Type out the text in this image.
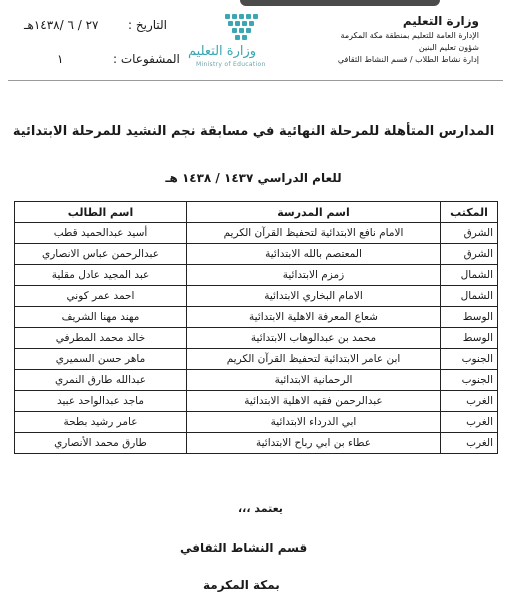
وزارة التعليم
الإدارة العامة للتعليم بمنطقة مكة المكرمة
شؤون تعليم البنين
إدارة نشاط الطلاب / قسم النشاط الثقافي
وزارة التعليم
Ministry of Education
التاريخ :
٢٧ / ٦ /١٤٣٨هـ
المشفوعات :
١
المدارس المتأهلة للمرحلة النهائية في مسابقة نجم النشيد للمرحلة الابتدائية
للعام الدراسي ١٤٣٧ / ١٤٣٨ هـ
المكتب	اسم المدرسة	اسم الطالب
الشرق	الامام نافع الابتدائية لتحفيظ القرآن الكريم	أسيد عبدالحميد قطب
الشرق	المعتصم بالله الابتدائية	عبدالرحمن عباس الانصاري
الشمال	زمزم الابتدائية	عبد المجيد عادل مقلية
الشمال	الامام البخاري الابتدائية	احمد عمر كوني
الوسط	شعاع المعرفة الاهلية الابتدائية	مهند مهنا الشريف
الوسط	محمد بن عبدالوهاب الابتدائية	خالد محمد المطرفي
الجنوب	ابن عامر الابتدائية لتحفيظ القرآن الكريم	ماهر حسن السميري
الجنوب	الرحمانية الابتدائية	عبدالله طارق النمري
الغرب	عبدالرحمن فقيه الاهلية الابتدائية	ماجد عبدالواحد عبيد
الغرب	ابي الدرداء الابتدائية	عامر رشيد بطحة
الغرب	عطاء بن ابي رباح الابتدائية	طارق محمد الأنصاري
يعتمد ،،،
قسم النشاط الثقافي
بمكة المكرمة
